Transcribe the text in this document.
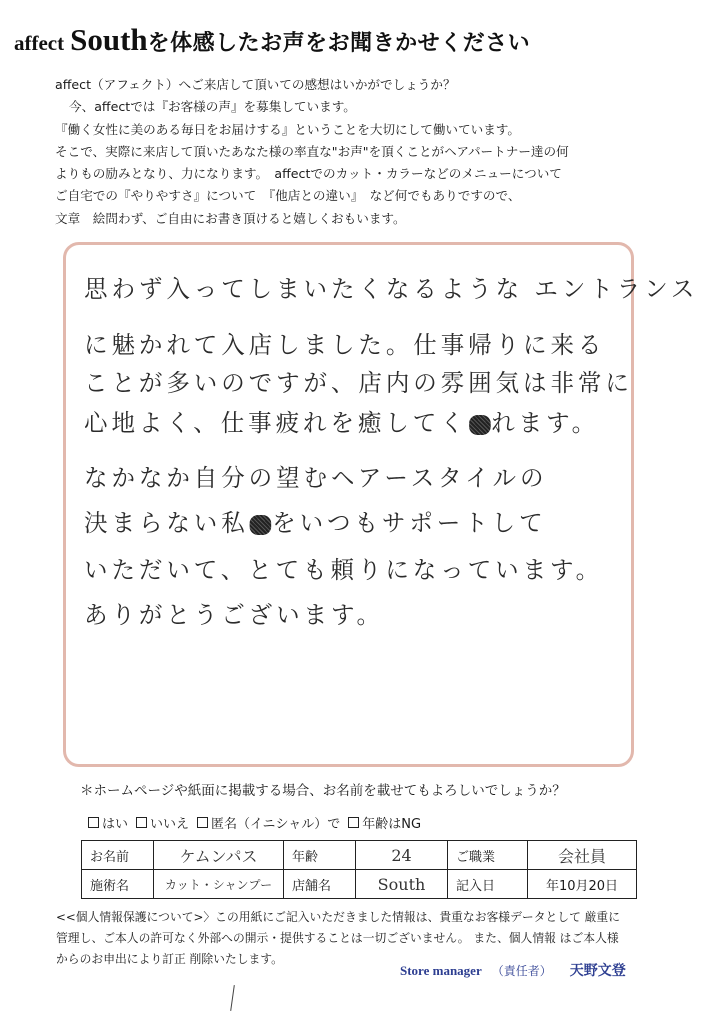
affect Southを体感したお声をお聞きかせください
affect（アフェクト）へご来店して頂いての感想はいかがでしょうか？
今、affectでは『お客様の声』を募集しています。
『働く女性に美のある毎日をお届けする』ということを大切にして働いています。
そこで、実際に来店して頂いたあなた様の率直な"お声"を頂くことがヘアパートナー達の何
よりもの励みとなり、力になります。　affectでのカット・カラーなどのメニューについて
ご自宅での『やりやすさ』について　『他店との違い』　など何でもありですので、
文章　絵問わず、ご自由にお書き頂けると嬉しくおもいます。
思わず入ってしまいたくなるような エントランス
に魅かれて入店しました。仕事帰りに来る
ことが多いのですが、店内の雰囲気は非常に
心地よく、仕事疲れを癒してく れます。
なかなか自分の望むヘアースタイルの
決まらない私 をいつもサポートして
いただいて、とても頼りになっています。
ありがとうございます。
＊ホームページや紙面に掲載する場合、お名前を載せてもよろしいでしょうか？
はい いいえ 匿名（イニシャル）で 年齢はNG
お名前	ケムンパス	年齢	24	ご職業	会社員
施術名	カット・シャンプー	店舗名	South	記入日	年10月20日
<<個人情報保護について>〉この用紙にご記入いただきました情報は、貴重なお客様データとして 厳重に
管理し、ご本人の許可なく外部への開示・提供することは一切ございません。 また、個人情報 はご本人様
からのお申出により訂正 削除いたします。
Store manager （責任者） 天野文登
